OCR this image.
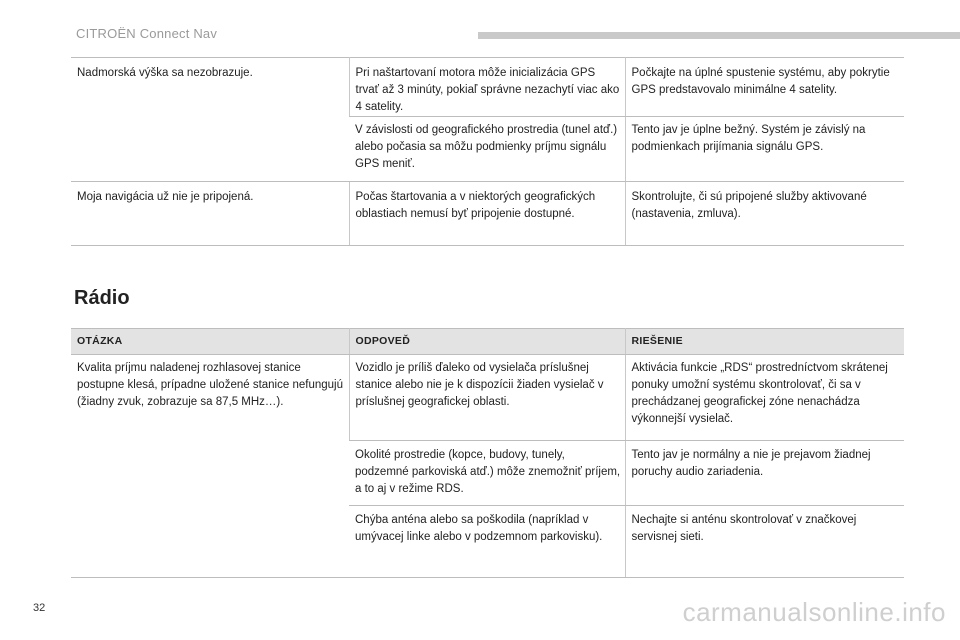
CITROËN Connect Nav
Nadmorská výška sa nezobrazuje.	Pri naštartovaní motora môže inicializácia GPS trvať až 3 minúty, pokiaľ správne nezachytí viac ako 4 satelity.	Počkajte na úplné spustenie systému, aby pokrytie GPS predstavovalo minimálne 4 satelity.
	V závislosti od geografického prostredia (tunel atď.) alebo počasia sa môžu podmienky príjmu signálu GPS meniť.	Tento jav je úplne bežný. Systém je závislý na podmienkach prijímania signálu GPS.
Moja navigácia už nie je pripojená.	Počas štartovania a v niektorých geografických oblastiach nemusí byť pripojenie dostupné.	Skontrolujte, či sú pripojené služby aktivované (nastavenia, zmluva).
Rádio
OTÁZKA	ODPOVEĎ	RIEŠENIE
Kvalita príjmu naladenej rozhlasovej stanice postupne klesá, prípadne uložené stanice nefungujú (žiadny zvuk, zobrazuje sa 87,5 MHz…).	Vozidlo je príliš ďaleko od vysielača príslušnej stanice alebo nie je k dispozícii žiaden vysielač v príslušnej geografickej oblasti.	Aktivácia funkcie „RDS“ prostredníctvom skrátenej ponuky umožní systému skontrolovať, či sa v prechádzanej geografickej zóne nenachádza výkonnejší vysielač.
	Okolité prostredie (kopce, budovy, tunely, podzemné parkoviská atď.) môže znemožniť príjem, a to aj v režime RDS.	Tento jav je normálny a nie je prejavom žiadnej poruchy audio zariadenia.
	Chýba anténa alebo sa poškodila (napríklad v umývacej linke alebo v podzemnom parkovisku).	Nechajte si anténu skontrolovať v značkovej servisnej sieti.
32	carmanualsonline.info
